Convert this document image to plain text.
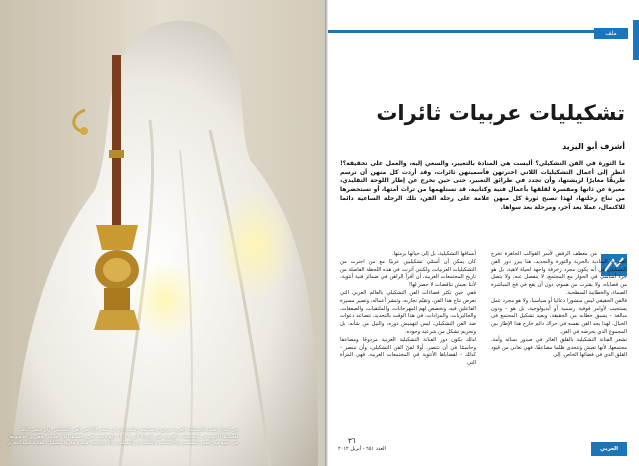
من أعمال الفنانة التشكيلية العربية مزدوج ومضاعف وحاسم: في أن تنتصر أولاً لفن الفن التشكيلي، وأن تنتصر كذلك لقضاياها الأنثوية في المجتمعات العربية، فهي المرأة التي لا تزال تتابع قضية تحرير جسدها إطار تقليدي يخفي وراءه قيودها في جميع قيم التغيير الشخصية والاجتماعية والاقتصادية والسياسية والأيدولوجية، فيلتزم فكرها وتشكيل، للفنانة أمنية النجري
ملف
تشكيليات عربيات ثائرات
أشرف أبو اليزيد

ما الثورة في الفن التشكيلي؟ أليست هي المنادة بالتغيير، والسعي إليه، والعمل على تحقيقه؟! انظر إلى أعمال التشكيليات اللاتي اخترتهن فأسميتهن ثائرات، وقد أردت كل منهن أن ترسم طريقًا مغايرًا لريشتها، وأن تجدد في طرائق التعبير، حتى حين تخرج عن إطار اللوحة التقليدي، معبرة عن ذاتها ومفسرة لقلقها بأعمال فنية وكتابية، قد تستلهمها من تراث أمتها، أو تستحضرها من نتاج رحلتها، لهذا تصبح ثورة كل منهن علامة على رحلة الفن، تلك الرحلة الساعية دائما للاكتمال، عملا بعد آخر، ومرحلة بعد سواها.

من معطف الرفض لأسر القوالب الجاهزة تخرج الصرخة المنادية بالحرية والثورة والتجديد، هنا يبرز دور الفن التشكيلي في أنه يكون مجرد زخرفة واجهة لحياة لاهية، بل هو جزء أساسي في الحوار مع المجتمع، لا ينفصل عنه، ولا يتصل من قضاياه، ولا يقترب من هموم، دون أن يقع في فخ المباشرة الصماء، والخطابية السطحية.
فالفن الحقيقي ليس منشورا دعائيا أو سياسيا، ولا هو مجرد عمل يستجيب لأوامر فوقية رسمية أو أيديولوجية، بل هو - ودون مبالغة - يسبق خطابه من الحقيقة، ويعيد تشكيل المجتمع في الخيال، لهذا يجد الفن نفسه في حراك دائم خارج هذا الإطار بين المجموع الذي يحرضه في الفن.
تشعر الفنانة التشكيلية بالقلق الغائر في صدور نسائه وأمة، مجتمعها، لأنها تعيش وتتحدى ظلما مضاعفًا، فهي تعاني من قيود القلق الذي في فضائها الخاص، إلى
أنساقها التشكيلية، بل إلى حياتها برمتها.
كان يمكن أن أسمّي تشكيليين عربيًا مع من اخترت من التشكيليات العربيات، ولكنني آثرت، في هذه اللحظة الفاصلة من تاريخ المجتمعات العربية، أن أقرأ الراهن في ضمائر فنية أنثوية، لأننا نعيش تناقضات لا حصر لها!
ففي حين تكثر فضاءات الفن التشكيلي بالعالم العربي التي تعرض نتاج هذا الفن، وتقيّم تجاربه، وتنشر أعماله، وتصير مسيرة الفاعلين فيه، وتخصص لهم المهرجانات، والملتقيات، والصفقات، والجاليريات، والمزادات، في هذا الوقت بالتحديد، تتصاعد دعوات ضد الفن التشكيلي، ليس لتهميش دوره، والنيل من شأنه، بل وتحريم تشكل من شرعية وجوده.
لذلك يكون دور الفنانة التشكيلية العربية مزدوجًا ومضاعفا وحاسمًا في أن تنتصر، أولا لفنّ الفن التشكيلي، وأن تنتصر - كذلك - لقضاياها الأنثوية في المجتمعات العربية، فهي المرأة التي
٣٦
العدد ٦٥١ - أبريل ٢٠١٢	العربي
